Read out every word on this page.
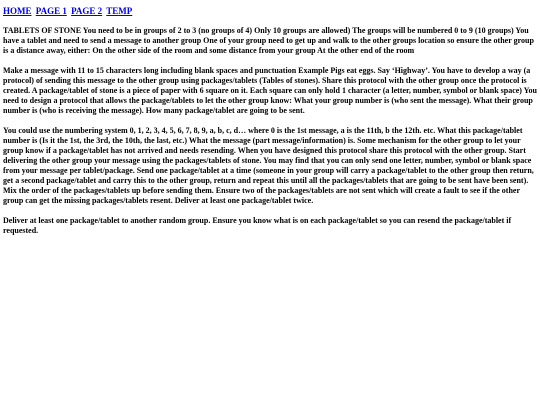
HOME PAGE 1 PAGE 2 TEMP

TABLETS OF STONE You need to be in groups of 2 to 3 (no groups of 4) Only 10 groups are allowed) The groups will be numbered 0 to 9 (10 groups) You have a tablet and need to send a message to another group One of your group need to get up and walk to the other groups location so ensure the other group is a distance away, either: On the other side of the room and some distance from your group At the other end of the room

Make a message with 11 to 15 characters long including blank spaces and punctuation Example Pigs eat eggs. Say ‘Highway’. You have to develop a way (a protocol) of sending this message to the other group using packages/tablets (Tables of stones). Share this protocol with the other group once the protocol is created. A package/tablet of stone is a piece of paper with 6 square on it. Each square can only hold 1 character (a letter, number, symbol or blank space) You need to design a protocol that allows the package/tablets to let the other group know: What your group number is (who sent the message). What their group number is (who is receiving the message). How many package/tablet are going to be sent.

You could use the numbering system 0, 1, 2, 3, 4, 5, 6, 7, 8, 9, a, b, c, d… where 0 is the 1st message, a is the 11th, b the 12th. etc. What this package/tablet number is (Is it the 1st, the 3rd, the 10th, the last, etc.) What the message (part message/information) is. Some mechanism for the other group to let your group know if a package/tablet has not arrived and needs resending. When you have designed this protocol share this protocol with the other group. Start delivering the other group your message using the packages/tablets of stone. You may find that you can only send one letter, number, symbol or blank space from your message per tablet/package. Send one package/tablet at a time (someone in your group will carry a package/tablet to the other group then return, get a second package/tablet and carry this to the other group, return and repeat this until all the packages/tablets that are going to be sent have been sent). Mix the order of the packages/tablets up before sending them. Ensure two of the packages/tablets are not sent which will create a fault to see if the other group can get the missing packages/tablets resent. Deliver at least one package/tablet twice.

Deliver at least one package/tablet to another random group. Ensure you know what is on each package/tablet so you can resend the package/tablet if requested.
